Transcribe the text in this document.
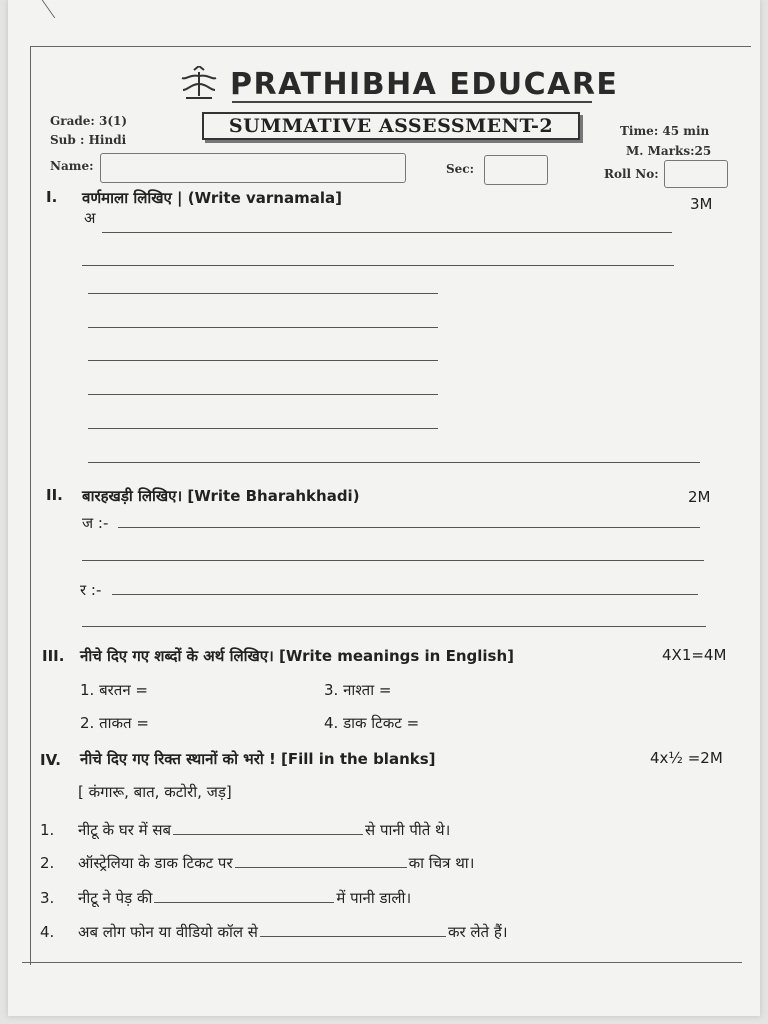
PRATHIBHA EDUCARE
Grade: 3(1)
Sub : Hindi
SUMMATIVE ASSESSMENT-2	Time: 45 min
M. Marks:25
Name:	Sec:	Roll No:
I. वर्णमाला लिखिए | (Write varnamala]	3M
अ
II. बारहखड़ी लिखिए। [Write Bharahkhadi)	2M
ज :-
र :-
III. नीचे दिए गए शब्दों के अर्थ लिखिए। [Write meanings in English]	4X1=4M
1. बरतन =	3. नाश्ता =
2. ताकत =	4. डाक टिकट =
IV. नीचे दिए गए रिक्त स्थानों को भरो ! [Fill in the blanks]	4x½ =2M
[ कंगारू, बात, कटोरी, जड़]
1. नीटू के घर में सब	से पानी पीते थे।
2. ऑस्ट्रेलिया के डाक टिकट पर	का चित्र था।
3. नीटू ने पेड़ की	में पानी डाली।
4. अब लोग फोन या वीडियो कॉल से	कर लेते हैं।
